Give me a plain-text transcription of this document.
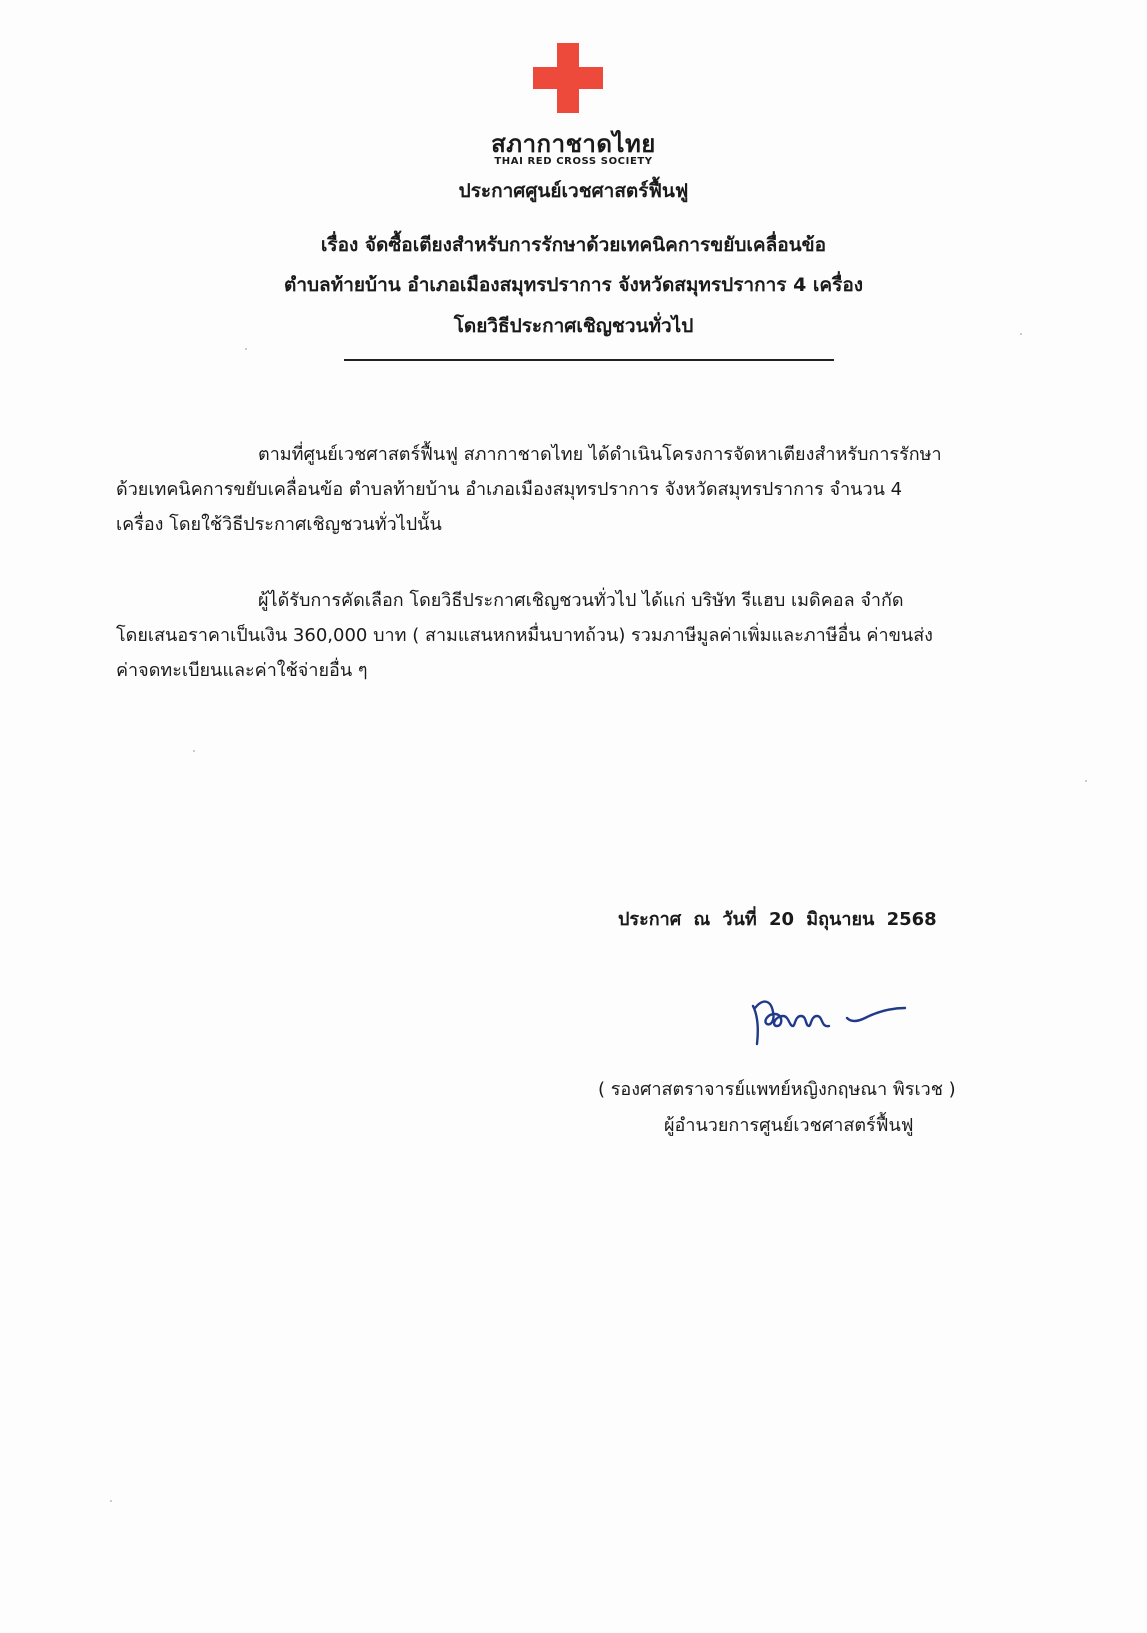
สภากาชาดไทย
THAI RED CROSS SOCIETY
ประกาศศูนย์เวชศาสตร์ฟื้นฟู
เรื่อง จัดซื้อเตียงสำหรับการรักษาด้วยเทคนิคการขยับเคลื่อนข้อ
ตำบลท้ายบ้าน อำเภอเมืองสมุทรปราการ จังหวัดสมุทรปราการ 4 เครื่อง
โดยวิธีประกาศเชิญชวนทั่วไป
ตามที่ศูนย์เวชศาสตร์ฟื้นฟู สภากาชาดไทย ได้ดำเนินโครงการจัดหาเตียงสำหรับการรักษา
ด้วยเทคนิคการขยับเคลื่อนข้อ ตำบลท้ายบ้าน อำเภอเมืองสมุทรปราการ จังหวัดสมุทรปราการ จำนวน 4
เครื่อง โดยใช้วิธีประกาศเชิญชวนทั่วไปนั้น
ผู้ได้รับการคัดเลือก โดยวิธีประกาศเชิญชวนทั่วไป ได้แก่ บริษัท รีแฮบ เมดิคอล จำกัด
โดยเสนอราคาเป็นเงิน 360,000 บาท ( สามแสนหกหมื่นบาทถ้วน) รวมภาษีมูลค่าเพิ่มและภาษีอื่น ค่าขนส่ง
ค่าจดทะเบียนและค่าใช้จ่ายอื่น ๆ
ประกาศ ณ วันที่ 20 มิถุนายน 2568
( รองศาสตราจารย์แพทย์หญิงกฤษณา พิรเวช )
ผู้อำนวยการศูนย์เวชศาสตร์ฟื้นฟู
